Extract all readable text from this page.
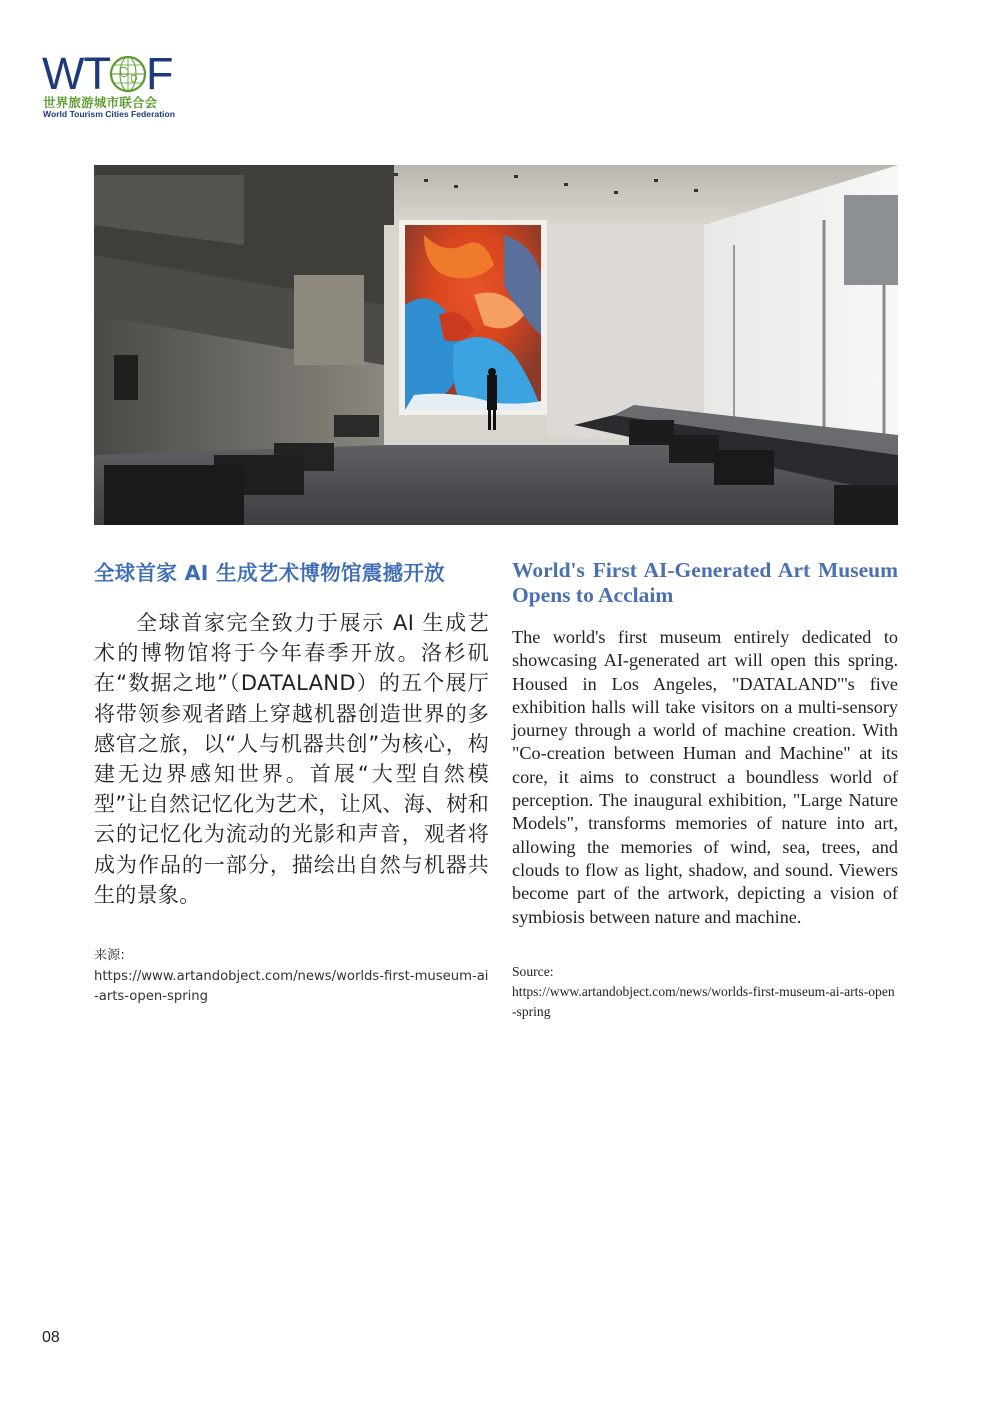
W T F
世界旅游城市联合会
World Tourism Cities Federation
全球首家 AI 生成艺术博物馆震撼开放

全球首家完全致力于展示 AI 生成艺术的博物馆将于今年春季开放。洛杉矶在“数据之地”（DATALAND）的五个展厅将带领参观者踏上穿越机器创造世界的多感官之旅，以“人与机器共创”为核心，构建无边界感知世界。首展“大型自然模型”让自然记忆化为艺术，让风、海、树和云的记忆化为流动的光影和声音，观者将成为作品的一部分，描绘出自然与机器共生的景象。

来源:
https://www.artandobject.com/news/worlds-first-museum-ai-arts-open-spring
World's First AI-Generated Art Museum Opens to Acclaim

The world's first museum entirely dedicated to showcasing AI-generated art will open this spring. Housed in Los Angeles, "DATALAND"'s five exhibition halls will take visitors on a multi-sensory journey through a world of machine creation. With "Co-creation between Human and Machine" at its core, it aims to construct a boundless world of perception. The inaugural exhibition, "Large Nature Models", transforms memories of nature into art, allowing the memories of wind, sea, trees, and clouds to flow as light, shadow, and sound. Viewers become part of the artwork, depicting a vision of symbiosis between nature and machine.

Source:
https://www.artandobject.com/news/worlds-first-museum-ai-arts-open-spring
08
